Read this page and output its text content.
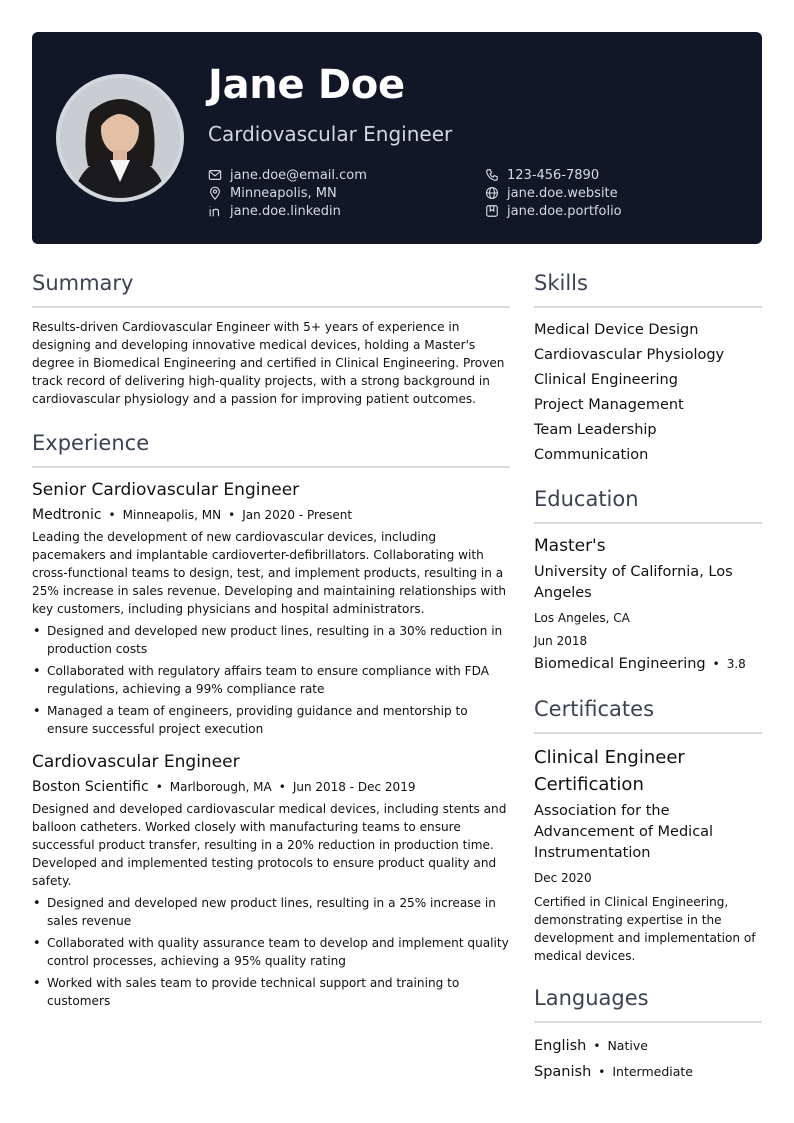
Jane Doe
Cardiovascular Engineer
jane.doe@email.com	123-456-7890
Minneapolis, MN	jane.doe.website
jane.doe.linkedin	jane.doe.portfolio
Summary

Results-driven Cardiovascular Engineer with 5+ years of experience in designing and developing innovative medical devices, holding a Master's degree in Biomedical Engineering and certified in Clinical Engineering. Proven track record of delivering high-quality projects, with a strong background in cardiovascular physiology and a passion for improving patient outcomes.

Experience
Senior Cardiovascular Engineer
Medtronic • Minneapolis, MN • Jan 2020 - Present

Leading the development of new cardiovascular devices, including pacemakers and implantable cardioverter-defibrillators. Collaborating with cross-functional teams to design, test, and implement products, resulting in a 25% increase in sales revenue. Developing and maintaining relationships with key customers, including physicians and hospital administrators.

• Designed and developed new product lines, resulting in a 30% reduction in production costs
• Collaborated with regulatory affairs team to ensure compliance with FDA regulations, achieving a 99% compliance rate
• Managed a team of engineers, providing guidance and mentorship to ensure successful project execution
Cardiovascular Engineer
Boston Scientific • Marlborough, MA • Jun 2018 - Dec 2019

Designed and developed cardiovascular medical devices, including stents and balloon catheters. Worked closely with manufacturing teams to ensure successful product transfer, resulting in a 20% reduction in production time. Developed and implemented testing protocols to ensure product quality and safety.

• Designed and developed new product lines, resulting in a 25% increase in sales revenue
• Collaborated with quality assurance team to develop and implement quality control processes, achieving a 95% quality rating
• Worked with sales team to provide technical support and training to customers
Skills
Medical Device Design
Cardiovascular Physiology
Clinical Engineering
Project Management
Team Leadership
Communication
Education
Master's
University of California, Los Angeles
Los Angeles, CA
Jun 2018
Biomedical Engineering • 3.8
Certificates
Clinical Engineer Certification
Association for the Advancement of Medical Instrumentation
Dec 2020

Certified in Clinical Engineering, demonstrating expertise in the development and implementation of medical devices.

Languages
English • Native
Spanish • Intermediate
